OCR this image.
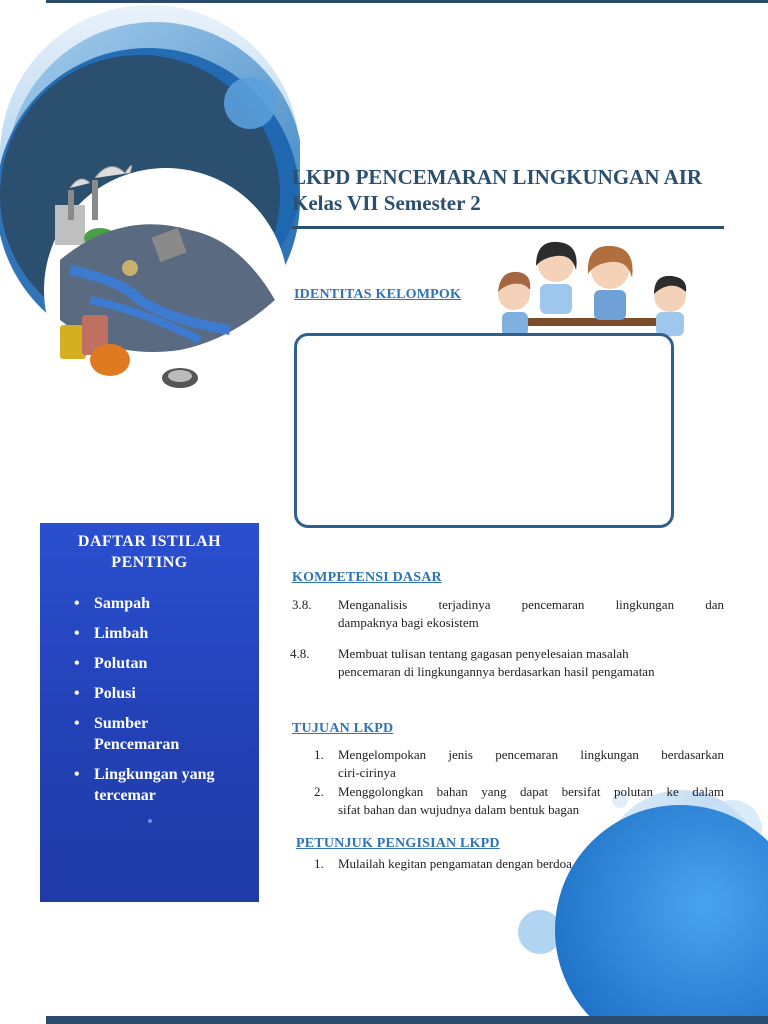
LKPD PENCEMARAN LINGKUNGAN AIR
Kelas VII Semester 2
IDENTITAS KELOMPOK
DAFTAR ISTILAH PENTING
• Sampah
• Limbah
• Polutan
• Polusi
• Sumber Pencemaran
• Lingkungan yang tercemar
KOMPETENSI DASAR
3.8. Menganalisis terjadinya pencemaran lingkungan dan
dampaknya bagi ekosistem
4.8. Membuat tulisan tentang gagasan penyelesaian masalah
pencemaran di lingkungannya berdasarkan hasil pengamatan
TUJUAN LKPD
1. Mengelompokan jenis pencemaran lingkungan berdasarkan
ciri-cirinya
2. Menggolongkan bahan yang dapat bersifat polutan ke dalam
sifat bahan dan wujudnya dalam bentuk bagan
PETUNJUK PENGISIAN LKPD
1. Mulailah kegitan pengamatan dengan berdoa
